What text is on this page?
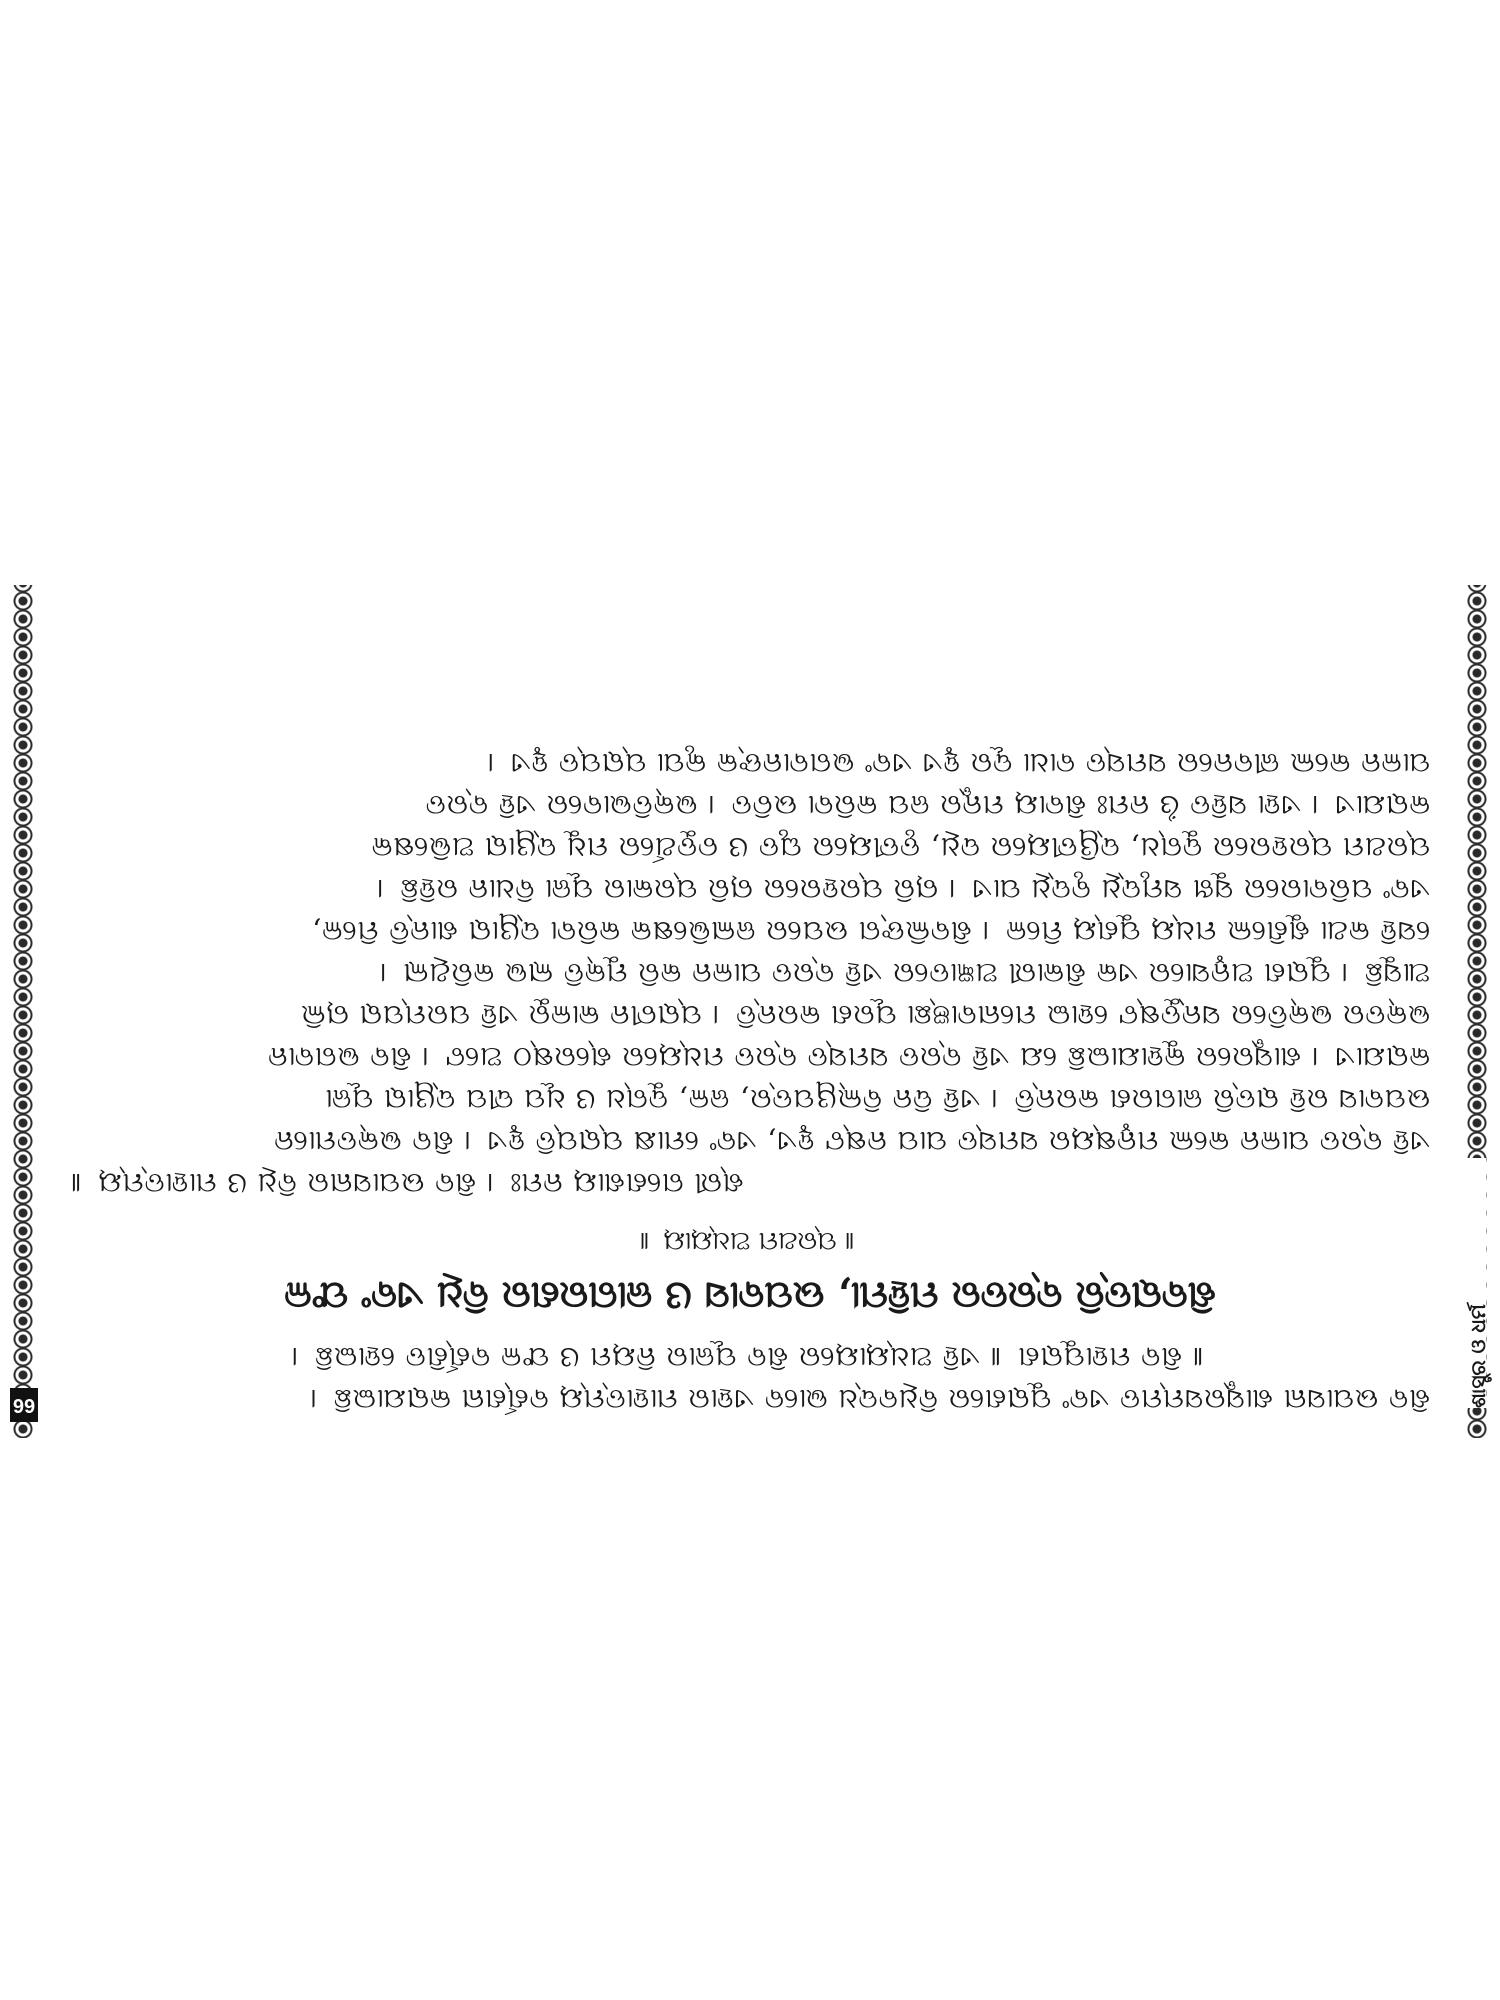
ଶାସ୍ତ୍ର ଓ ଧର୍ମ
66	ଶିବ ଉପାସନା ଶାସ୍ତ୍ରସମ୍ମତ ଏବଂ ପୁରାଣରେ ବିଧିବଦ୍ଧ ଭାବେ ଏହାର ମାହାତ୍ମ୍ୟ ବର୍ଣ୍ଣନା କରାଯାଇଛି ।
॥ ଶିବ ମହାପୁରାଣ ॥ ଏହି ଅଧ୍ୟାୟରେ ଶିବ ପୂଜାର ନିୟମ ଓ ଫଳ ବର୍ଣ୍ଣିତ ହୋଇଛି ।
ଶିବରାତ୍ରି ବ୍ରତର ମହିମା, ଉପବାସ ଓ ଜାଗରଣର ବିଧି ଏବଂ ଫଳ
॥ ପ୍ରଥମ ଅଧ୍ୟାୟ ॥
ଶ୍ରୀ ଗଣେଶାୟ ନମଃ । ଶିବ ଉପାସନାର ବିଧି ଓ ମାହାତ୍ମ୍ୟ ॥
ଏହି ବ୍ରତ ପାଳନ କଲେ ମନୁଷ୍ୟର ସମସ୍ତ ପାପ ନଷ୍ଟ ହୁଏ, ଏବଂ ମୋକ୍ଷ ପ୍ରାପ୍ତି ହୁଏ । ଶିବ ଭକ୍ତମାନେ
ଉପବାସ ରହି ରାତ୍ରି ଜାଗରଣ କରନ୍ତି । ଏହି ଦିନ ବିଲ୍ୱପତ୍ର, ଜଳ, ଦୁଗ୍ଧ ଓ ଧୂପ ଦୀପ ଦ୍ୱାରା ପୂଜା
କରାଯାଏ । ଶାସ୍ତ୍ରରେ କୁହାଯାଇଛି ଯେ ଏହି ବ୍ରତ ସମସ୍ତ ବ୍ରତ ମଧ୍ୟରେ ଶ୍ରେଷ୍ଠ ଅଟେ । ଶିବ ଭଗବାନ
ଭକ୍ତର ଭକ୍ତିରେ ସନ୍ତୁଷ୍ଟ ହୋଇ ମନୋବାଞ୍ଛା ପୂରଣ କରନ୍ତି । ପ୍ରାଚୀନ କାଳରୁ ଏହି ପରମ୍ପରା ଚାଲି
ଆସୁଛି । ପୁରାଣ ଅନୁସାରେ ଏକ ଶିକାରୀ ଅଜ୍ଞାତରେ ଏହି ବ୍ରତ ପାଳନ କରି ମୁକ୍ତି ଲାଭ କରିଥିଲା ।
ସେହି କଥା ଶୁଣିଲେ ମଧ୍ୟ ପୁଣ୍ୟ ମିଳେ । ଶିବଲିଙ୍ଗ ଉପରେ ଜଳାଭିଷେକ କରିବା ଦ୍ୱାରା ଶାନ୍ତି ମିଳେ,
ଏବଂ ପରିବାରରେ ସୁଖ ସମୃଦ୍ଧି ବୃଦ୍ଧି ପାଏ । ଚାରି ପ୍ରହରରେ ଚାରି ପ୍ରକାର ପୂଜା ବିଧାନ ରହିଛି ।
ପ୍ରଥମ ପ୍ରହରରେ ଦୁଗ୍ଧ, ଦ୍ୱିତୀୟରେ ଦଧି, ତୃତୀୟରେ ଘୃତ ଓ ଚତୁର୍ଥରେ ମଧୁ ଦ୍ୱାରା ଅଭିଷେକ
କରାଯାଏ । ଏହା ସହିତ ଓଁ ନମଃ ଶିବାୟ ମନ୍ତ୍ର ଜପ କରିବା ଉଚିତ । ଭକ୍ତିଭାବରେ ଏହି ବ୍ରତ
ପାଳନ କଲେ ଜୀବନରେ ସମସ୍ତ ବାଧା ଦୂର ହୁଏ ଏବଂ ଭଗବାନଙ୍କ କୃପା ପ୍ରାପ୍ତ ହୁଏ ।
